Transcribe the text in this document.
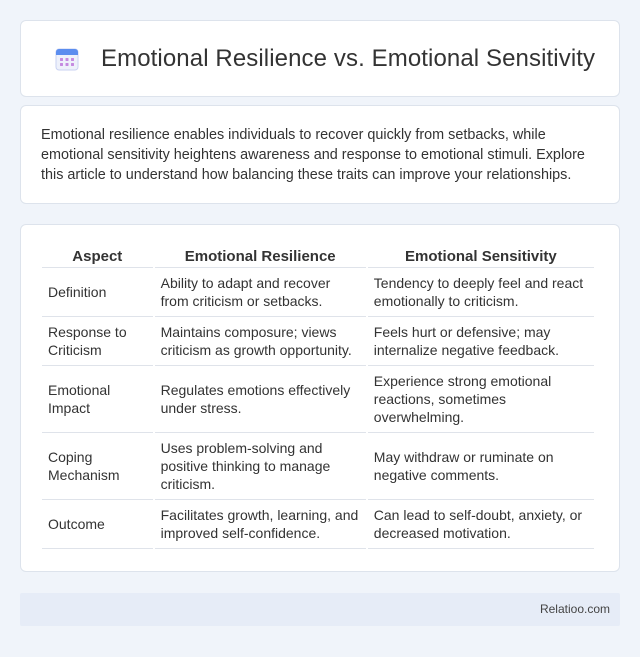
Emotional Resilience vs. Emotional Sensitivity

Emotional resilience enables individuals to recover quickly from setbacks, while emotional sensitivity heightens awareness and response to emotional stimuli. Explore this article to understand how balancing these traits can improve your relationships.

Aspect	Emotional Resilience	Emotional Sensitivity
Definition	Ability to adapt and recover from criticism or setbacks.	Tendency to deeply feel and react emotionally to criticism.
Response to Criticism	Maintains composure; views criticism as growth opportunity.	Feels hurt or defensive; may internalize negative feedback.
Emotional Impact	Regulates emotions effectively under stress.	Experience strong emotional reactions, sometimes overwhelming.
Coping Mechanism	Uses problem-solving and positive thinking to manage criticism.	May withdraw or ruminate on negative comments.
Outcome	Facilitates growth, learning, and improved self-confidence.	Can lead to self-doubt, anxiety, or decreased motivation.
Relatioo.com
